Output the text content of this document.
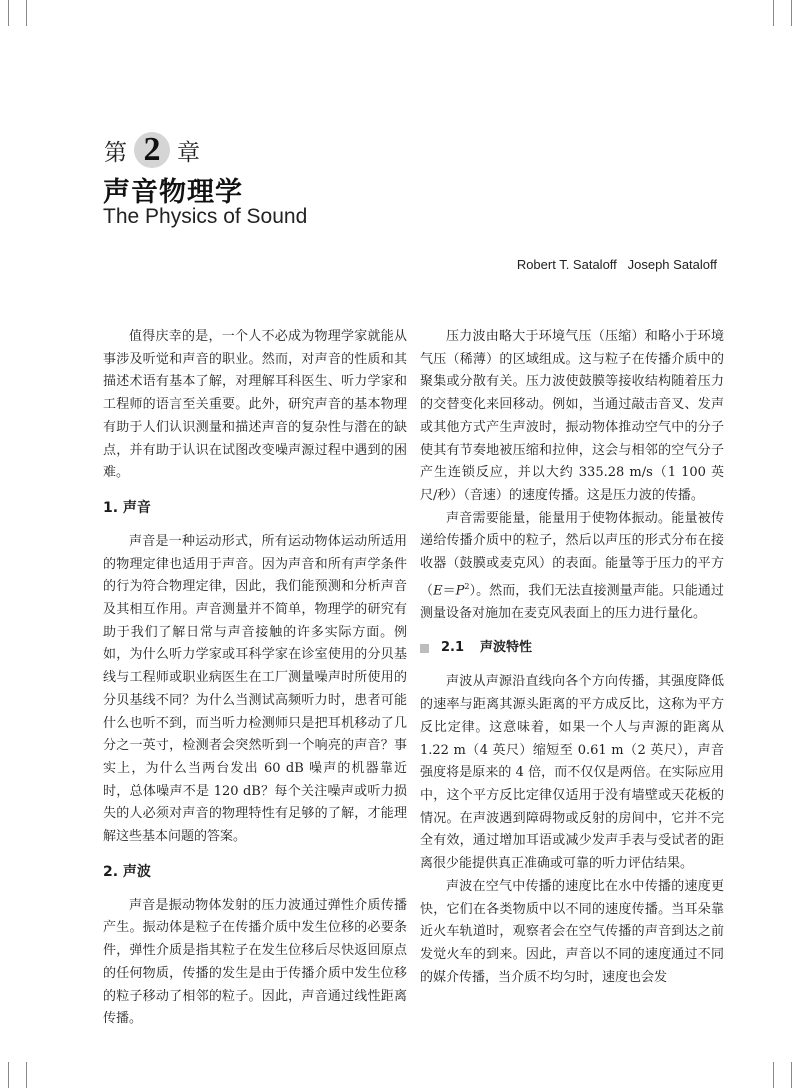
第 2 章
声音物理学
The Physics of Sound
Robert T. Sataloff   Joseph Sataloff

值得庆幸的是，一个人不必成为物理学家就能从事涉及听觉和声音的职业。然而，对声音的性质和其描述术语有基本了解，对理解耳科医生、听力学家和工程师的语言至关重要。此外，研究声音的基本物理有助于人们认识测量和描述声音的复杂性与潜在的缺点，并有助于认识在试图改变噪声源过程中遇到的困难。

1. 声音

声音是一种运动形式，所有运动物体运动所适用的物理定律也适用于声音。因为声音和所有声学条件的行为符合物理定律，因此，我们能预测和分析声音及其相互作用。声音测量并不简单，物理学的研究有助于我们了解日常与声音接触的许多实际方面。例如，为什么听力学家或耳科学家在诊室使用的分贝基线与工程师或职业病医生在工厂测量噪声时所使用的分贝基线不同？为什么当测试高频听力时，患者可能什么也听不到，而当听力检测师只是把耳机移动了几分之一英寸，检测者会突然听到一个响亮的声音？事实上，为什么当两台发出 60 dB 噪声的机器靠近时，总体噪声不是 120 dB？每个关注噪声或听力损失的人必须对声音的物理特性有足够的了解，才能理解这些基本问题的答案。

2. 声波

声音是振动物体发射的压力波通过弹性介质传播产生。振动体是粒子在传播介质中发生位移的必要条件，弹性介质是指其粒子在发生位移后尽快返回原点的任何物质，传播的发生是由于传播介质中发生位移的粒子移动了相邻的粒子。因此，声音通过线性距离传播。

压力波由略大于环境气压（压缩）和略小于环境气压（稀薄）的区域组成。这与粒子在传播介质中的聚集或分散有关。压力波使鼓膜等接收结构随着压力的交替变化来回移动。例如，当通过敲击音叉、发声或其他方式产生声波时，振动物体推动空气中的分子使其有节奏地被压缩和拉伸，这会与相邻的空气分子产生连锁反应，并以大约 335.28 m/s（1 100 英尺/秒）（音速）的速度传播。这是压力波的传播。

声音需要能量，能量用于使物体振动。能量被传递给传播介质中的粒子，然后以声压的形式分布在接收器（鼓膜或麦克风）的表面。能量等于压力的平方$(E=P^2)$。然而，我们无法直接测量声能。只能通过测量设备对施加在麦克风表面上的压力进行量化。

2.1 声波特性

声波从声源沿直线向各个方向传播，其强度降低的速率与距离其源头距离的平方成反比，这称为平方反比定律。这意味着，如果一个人与声源的距离从 1.22 m（4 英尺）缩短至 0.61 m（2 英尺），声音强度将是原来的 4 倍，而不仅仅是两倍。在实际应用中，这个平方反比定律仅适用于没有墙壁或天花板的情况。在声波遇到障碍物或反射的房间中，它并不完全有效，通过增加耳语或减少发声手表与受试者的距离很少能提供真正准确或可靠的听力评估结果。

声波在空气中传播的速度比在水中传播的速度更快，它们在各类物质中以不同的速度传播。当耳朵靠近火车轨道时，观察者会在空气传播的声音到达之前发觉火车的到来。因此，声音以不同的速度通过不同的媒介传播，当介质不均匀时，速度也会发
